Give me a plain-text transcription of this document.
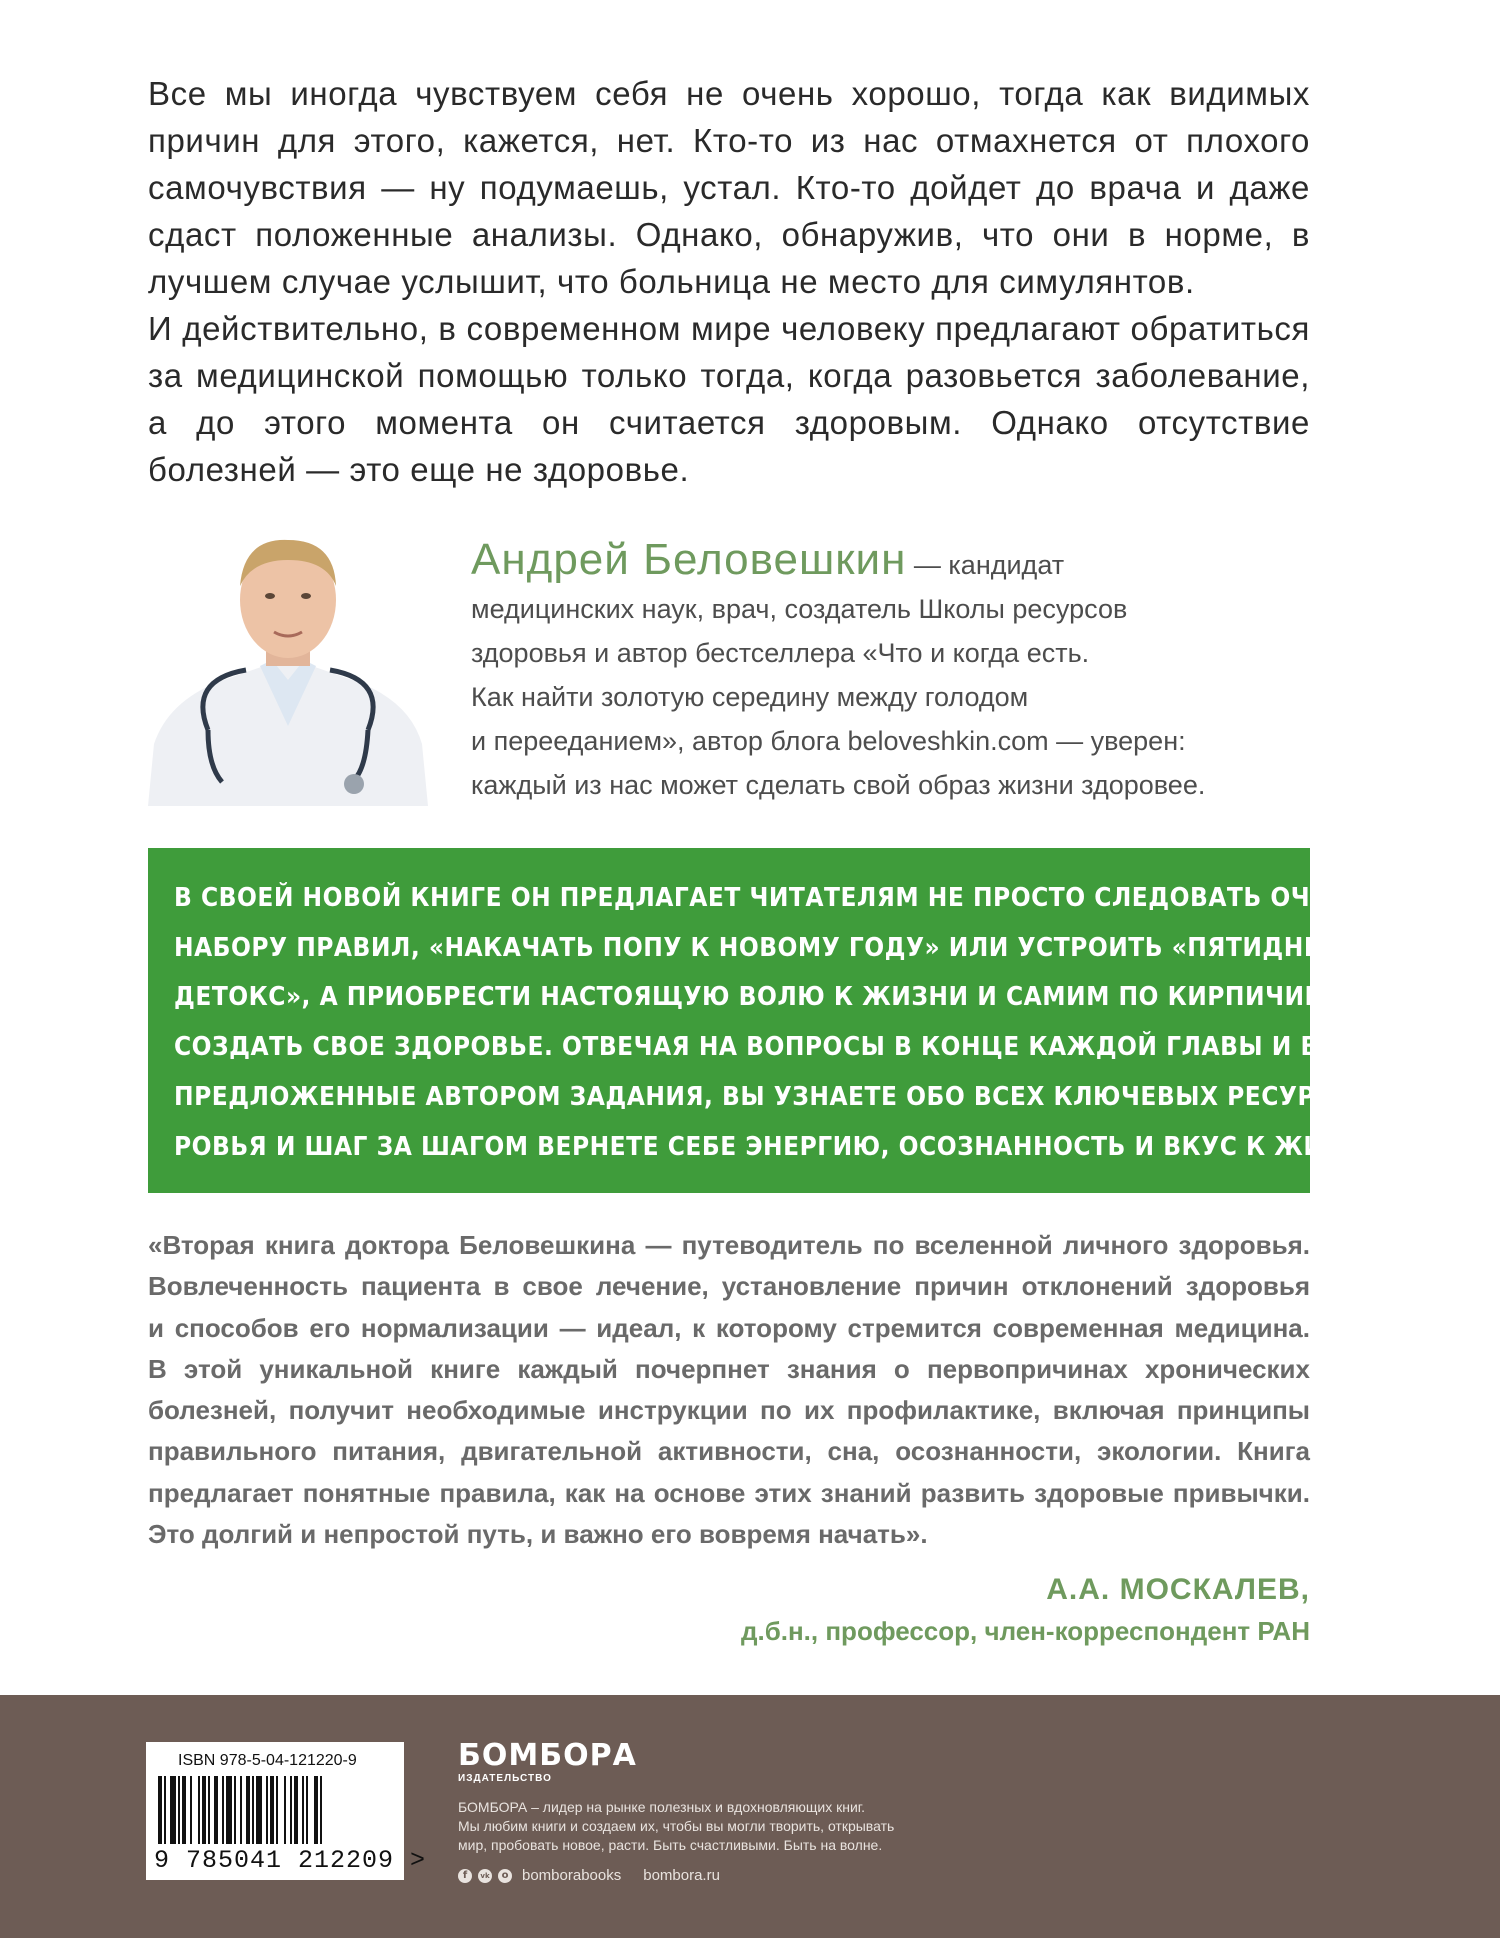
Все мы иногда чувствуем себя не очень хорошо, тогда как видимых причин для этого, кажется, нет. Кто-то из нас отмахнется от плохого самочувствия — ну подумаешь, устал. Кто-то дойдет до врача и даже сдаст положенные анализы. Однако, обнаружив, что они в норме, в лучшем случае услышит, что больница не место для симулянтов.

И действительно, в современном мире человеку предлагают обратиться за медицинской помощью только тогда, когда разовьется заболевание, а до этого момента он считается здоровым. Однако отсутствие болезней — это еще не здоровье.

Андрей Беловешкин — кандидат
медицинских наук, врач, создатель Школы ресурсов
здоровья и автор бестселлера «Что и когда есть.
Как найти золотую середину между голодом
и перееданием», автор блога beloveshkin.com — уверен:
каждый из нас может сделать свой образ жизни здоровее.
В СВОЕЙ НОВОЙ КНИГЕ ОН ПРЕДЛАГАЕТ ЧИТАТЕЛЯМ НЕ ПРОСТО СЛЕДОВАТЬ ОЧЕРЕДНОМУ
НАБОРУ ПРАВИЛ, «НАКАЧАТЬ ПОПУ К НОВОМУ ГОДУ» ИЛИ УСТРОИТЬ «ПЯТИДНЕВНЫЙ
ДЕТОКС», А ПРИОБРЕСТИ НАСТОЯЩУЮ ВОЛЮ К ЖИЗНИ И САМИМ ПО КИРПИЧИКУ
СОЗДАТЬ СВОЕ ЗДОРОВЬЕ. ОТВЕЧАЯ НА ВОПРОСЫ В КОНЦЕ КАЖДОЙ ГЛАВЫ И ВЫПОЛНЯЯ
ПРЕДЛОЖЕННЫЕ АВТОРОМ ЗАДАНИЯ, ВЫ УЗНАЕТЕ ОБО ВСЕХ КЛЮЧЕВЫХ РЕСУРСАХ ЗДО-
РОВЬЯ И ШАГ ЗА ШАГОМ ВЕРНЕТЕ СЕБЕ ЭНЕРГИЮ, ОСОЗНАННОСТЬ И ВКУС К ЖИЗНИ.
«Вторая книга доктора Беловешкина — путеводитель по вселенной личного здоровья.
Вовлеченность пациента в свое лечение, установление причин отклонений здоровья
и способов его нормализации — идеал, к которому стремится современная медицина.
В этой уникальной книге каждый почерпнет знания о первопричинах хронических
болезней, получит необходимые инструкции по их профилактике, включая принципы
правильного питания, двигательной активности, сна, осознанности, экологии. Книга
предлагает понятные правила, как на основе этих знаний развить здоровые привычки.
Это долгий и непростой путь, и важно его вовремя начать».
А.А. МОСКАЛЕВ,
д.б.н., профессор, член-корреспондент РАН
ISBN 978-5-04-121220-9
9 785041 212209 >
БОМБОРА
ИЗДАТЕЛЬСТВО
БОМБОРА – лидер на рынке полезных и вдохновляющих книг.
Мы любим книги и создаем их, чтобы вы могли творить, открывать
мир, пробовать новое, расти. Быть счастливыми. Быть на волне.
f	vk	o bomborabooks bombora.ru
